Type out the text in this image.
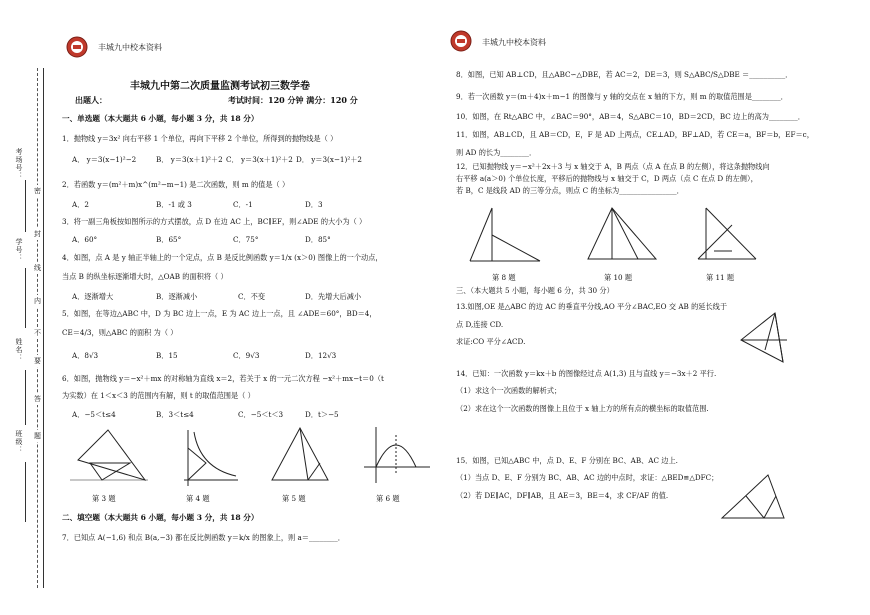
丰城九中校本资料
丰城九中校本资料
考场号：
学号：
姓名：
班级：
密
封
线
内
不
要
答
题
丰城九中第二次质量监测考试初三数学卷
出题人：	考试时间：120 分钟 满分：120 分
一、单选题（本大题共 6 小题，每小题 3 分，共 18 分）
1．抛物线 y＝3x² 向右平移 1 个单位，再向下平移 2 个单位，所得到的抛物线是（ ）
A． y＝3(x−1)²−2	B． y＝3(x＋1)²＋2 C． y＝3(x＋1)²＋2 D． y＝3(x−1)²＋2
2．若函数 y＝(m²＋m)x^(m²−m−1) 是二次函数，则 m 的值是（ ）
A．2	B．-1 或 3	C．-1	D．3
3．将一副三角板按如图所示的方式摆放，点 D 在边 AC 上，BC∥EF，则∠ADE 的大小为（ ）
A．60°	B．65°	C．75°	D．85°
4．如图，点 A 是 y 轴正半轴上的一个定点，点 B 是反比例函数 y＝1/x (x＞0) 图像上的一个动点，
当点 B 的纵坐标逐渐增大时，△OAB 的面积将（ ）
A．逐渐增大	B．逐渐减小	C．不变	D．先增大后减小
5．如图，在等边△ABC 中，D 为 BC 边上一点，E 为 AC 边上一点，且 ∠ADE＝60°，BD＝4，
CE＝4/3，则△ABC 的面积 为（ ）
A．8√3	B．15	C．9√3	D．12√3
6．如图，抛物线 y＝−x²＋mx 的对称轴为直线 x＝2，若关于 x 的一元二次方程 −x²＋mx−t＝0（t
为实数）在 1＜x＜3 的范围内有解，则 t 的取值范围是（ ）
A．−5＜t≤4	B．3＜t≤4	C．−5＜t＜3	D．t＞−5
第 3 题	第 4 题	第 5 题	第 6 题
二、填空题（本大题共 6 小题，每小题 3 分，共 18 分）
7．已知点 A(−1,6) 和点 B(a,−3) 都在反比例函数 y＝k/x 的图象上，则 a＝________．
8．如图，已知 AB⊥CD，且△ABC∽△DBE，若 AC＝2，DE＝3，则 S△ABC/S△DBE ＝__________．
9．若一次函数 y＝(m＋4)x＋m−1 的图像与 y 轴的交点在 x 轴的下方，则 m 的取值范围是________．
10．如图，在 Rt△ABC 中，∠BAC＝90°，AB＝4，S△ABC＝10，BD＝2CD，BC 边上的高为________．
11．如图，AB⊥CD，且 AB＝CD，E，F 是 AD 上两点，CE⊥AD，BF⊥AD，若 CE＝a，BF＝b，EF＝c，
则 AD 的长为________．
12．已知抛物线 y＝−x²＋2x＋3 与 x 轴交于 A，B 两点（点 A 在点 B 的左侧），将这条抛物线向
右平移 a(a＞0) 个单位长度，平移后的抛物线与 x 轴交于 C，D 两点（点 C 在点 D 的左侧），
若 B，C 是线段 AD 的三等分点，则点 C 的坐标为________________．
第 8 题	第 10 题	第 11 题
三、（本大题共 5 小题，每小题 6 分，共 30 分）
13.如图,OE 是△ABC 的边 AC 的垂直平分线,AO 平分∠BAC,EO 交 AB 的延长线于
点 D,连接 CD.
求证:CO 平分∠ACD.
14．已知：一次函数 y＝kx＋b 的图像经过点 A(1,3) 且与直线 y＝−3x＋2 平行.
（1）求这个一次函数的解析式；
（2）求在这个一次函数的图像上且位于 x 轴上方的所有点的横坐标的取值范围.
15．如图，已知△ABC 中，点 D、E、F 分别在 BC、AB、AC 边上.
（1）当点 D、E、F 分别为 BC、AB、AC 边的中点时，求证：△BED≌△DFC；
（2）若 DE∥AC，DF∥AB，且 AE＝3，BE＝4，求 CF/AF 的值.
